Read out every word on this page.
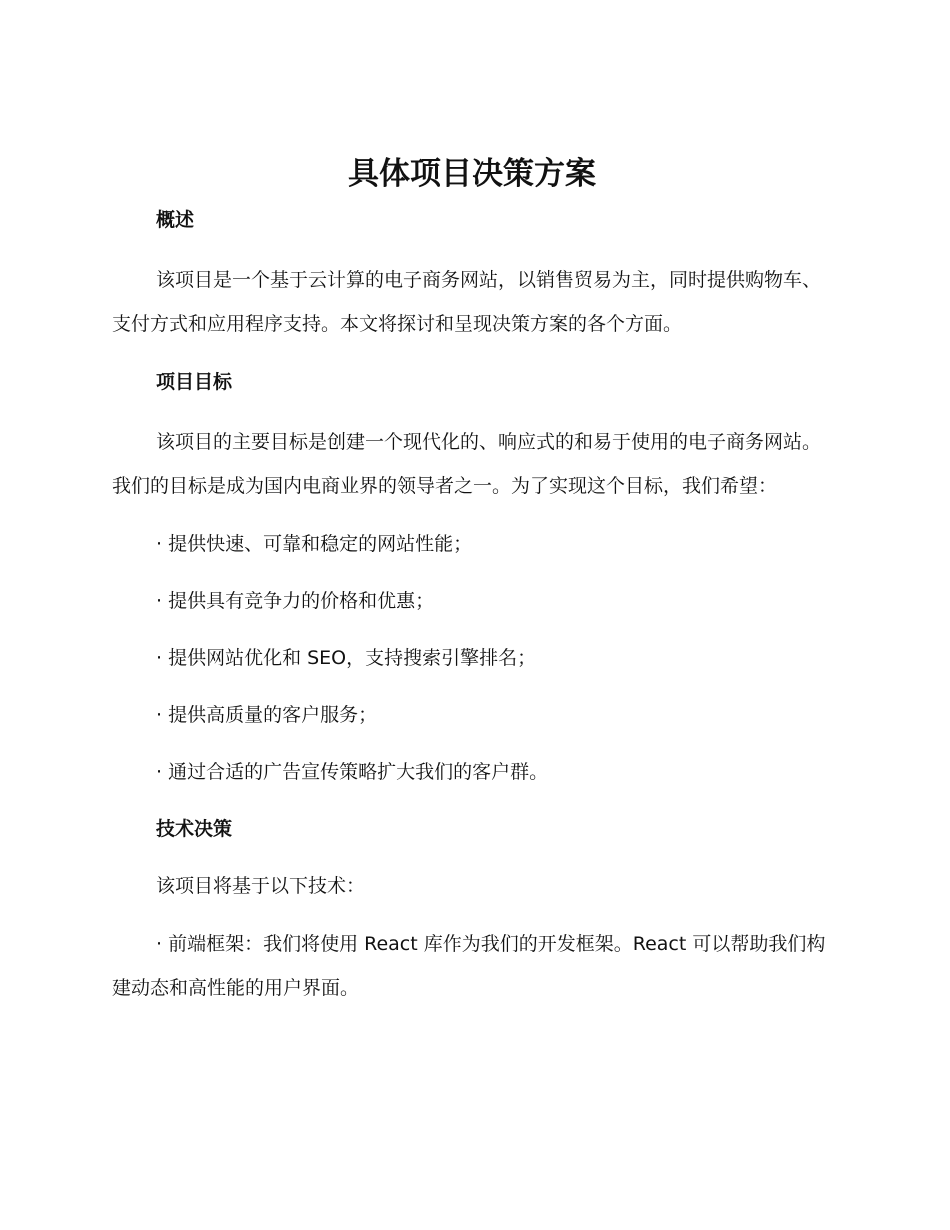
具体项目决策方案
概述

该项目是一个基于云计算的电子商务网站，以销售贸易为主，同时提供购物车、支付方式和应用程序支持。本文将探讨和呈现决策方案的各个方面。

项目目标

该项目的主要目标是创建一个现代化的、响应式的和易于使用的电子商务网站。我们的目标是成为国内电商业界的领导者之一。为了实现这个目标，我们希望：

· 提供快速、可靠和稳定的网站性能；

· 提供具有竞争力的价格和优惠；

· 提供网站优化和 SEO，支持搜索引擎排名；

· 提供高质量的客户服务；

· 通过合适的广告宣传策略扩大我们的客户群。

技术决策

该项目将基于以下技术：

· 前端框架：我们将使用 React 库作为我们的开发框架。React 可以帮助我们构建动态和高性能的用户界面。
